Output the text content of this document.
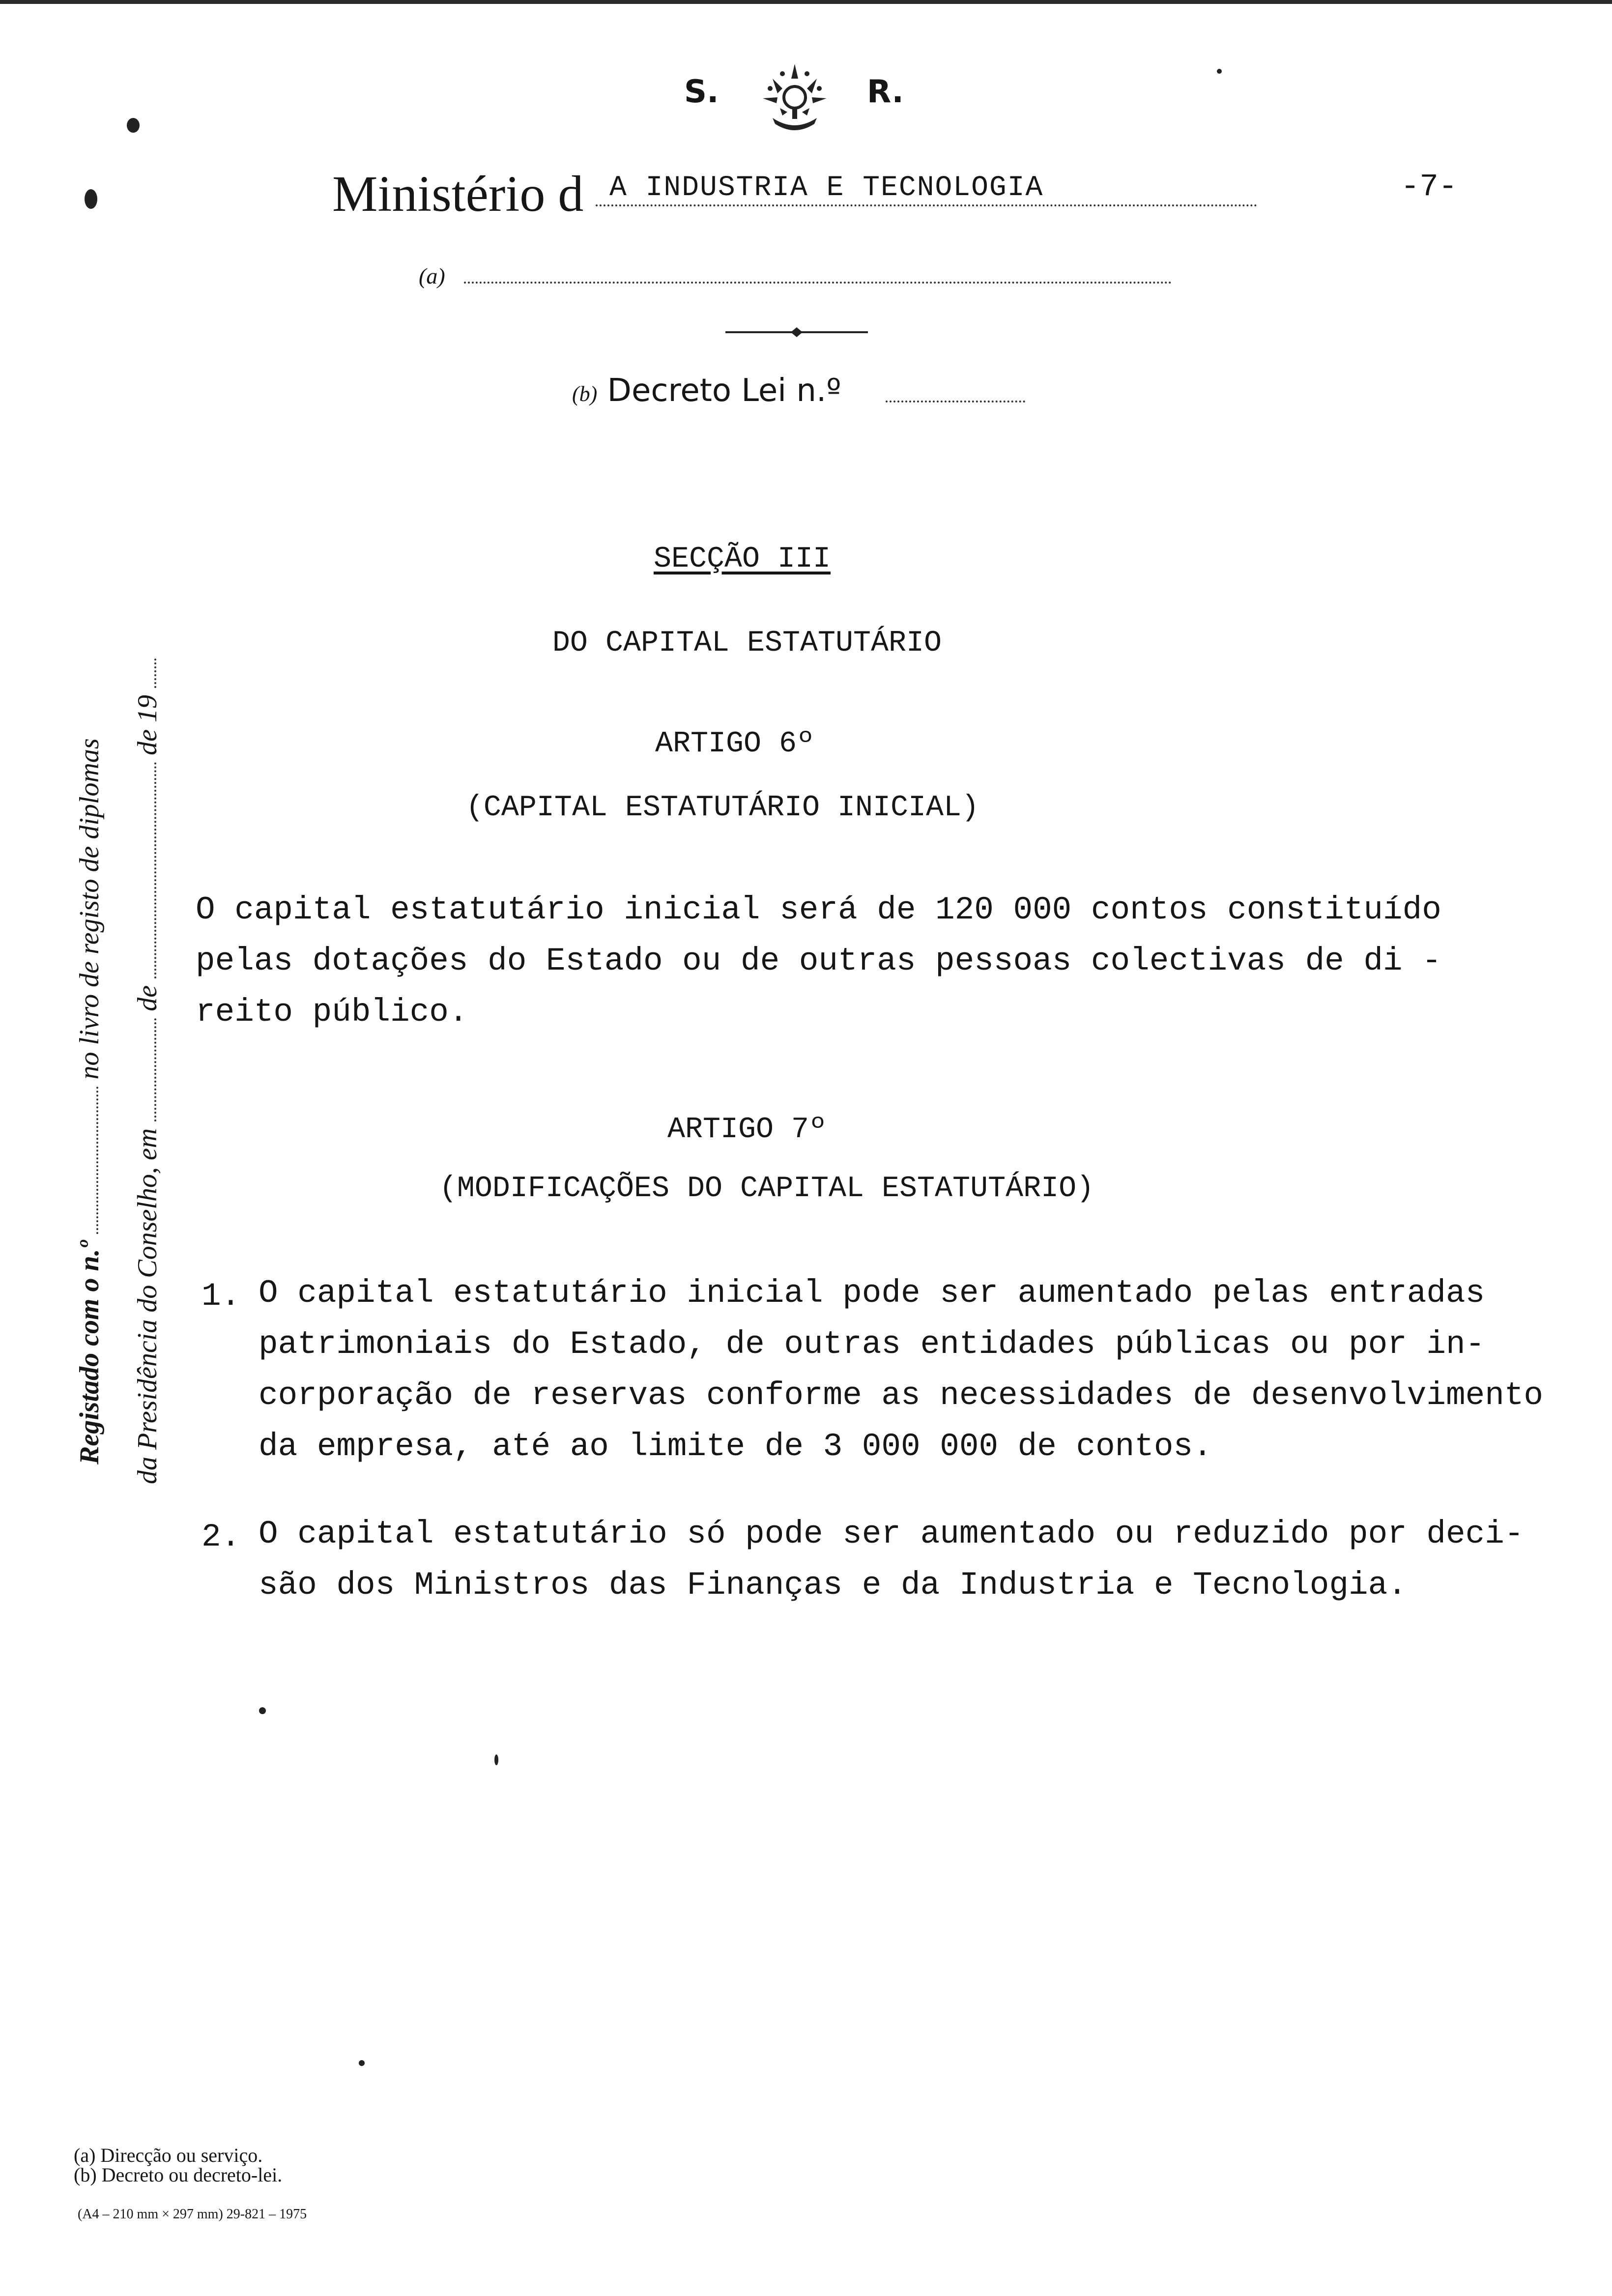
S.	R.
Ministério d A INDUSTRIA E TECNOLOGIA	-7-
(a)
(b) Decreto Lei n.º
SECÇÃO III
DO CAPITAL ESTATUTÁRIO
ARTIGO 6º
(CAPITAL ESTATUTÁRIO INICIAL)
O capital estatutário inicial será de 120 000 contos constituído
pelas dotações do Estado ou de outras pessoas colectivas de di -
reito público.
ARTIGO 7º
(MODIFICAÇÕES DO CAPITAL ESTATUTÁRIO)
1. O capital estatutário inicial pode ser aumentado pelas entradas
patrimoniais do Estado, de outras entidades públicas ou por in-
corporação de reservas conforme as necessidades de desenvolvimento
da empresa, até ao limite de 3 000 000 de contos.
2. O capital estatutário só pode ser aumentado ou reduzido por deci-
são dos Ministros das Finanças e da Industria e Tecnologia.
Registado com o n.º  no livro de registo de diplomas
da Presidência do Conselho, em  de  de 19
(a) Direcção ou serviço.
(b) Decreto ou decreto-lei.
(A4 – 210 mm × 297 mm) 29-821 – 1975
